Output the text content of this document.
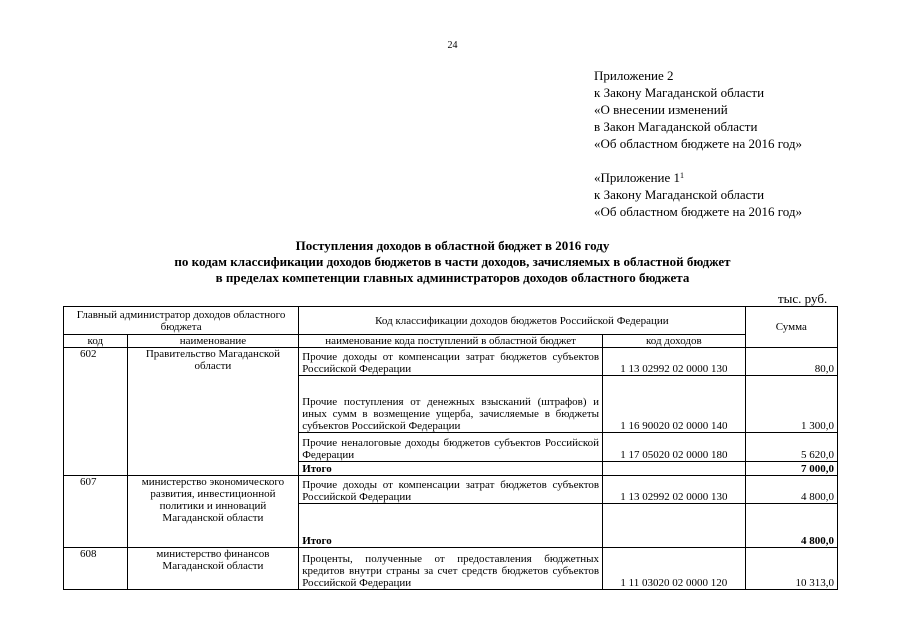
24
Приложение 2
к Закону Магаданской области
«О внесении изменений
в Закон Магаданской области
«Об областном бюджете на 2016 год»
«Приложение $1^1$
к Закону Магаданской области
«Об областном бюджете на 2016 год»
Поступления доходов в областной бюджет в 2016 году
по кодам классификации доходов бюджетов в части доходов, зачисляемых в областной бюджет
в пределах компетенции главных администраторов доходов областного бюджета
тыс. руб.
Главный администратор доходов областного бюджета		Код классификации доходов бюджетов Российской Федерации		Сумма
код	наименование	наименование кода поступлений в областной бюджет	код доходов	
602	Правительство Магаданской области	Прочие доходы от компенсации затрат бюджетов субъектов Российской Федерации	1 13 02992 02 0000 130	80,0
		Прочие поступления от денежных взысканий (штрафов) и иных сумм в возмещение ущерба, зачисляемые в бюджеты субъектов Российской Федерации	1 16 90020 02 0000 140	1 300,0
		Прочие неналоговые доходы бюджетов субъектов Российской Федерации	1 17 05020 02 0000 180	5 620,0
		Итого		7 000,0
607	министерство экономического развития, инвестиционной политики и инноваций Магаданской области	Прочие доходы от компенсации затрат бюджетов субъектов Российской Федерации	1 13 02992 02 0000 130	4 800,0
		Итого		4 800,0
608	министерство финансов Магаданской области	Проценты, полученные от предоставления бюджетных кредитов внутри страны за счет средств бюджетов субъектов Российской Федерации	1 11 03020 02 0000 120	10 313,0
